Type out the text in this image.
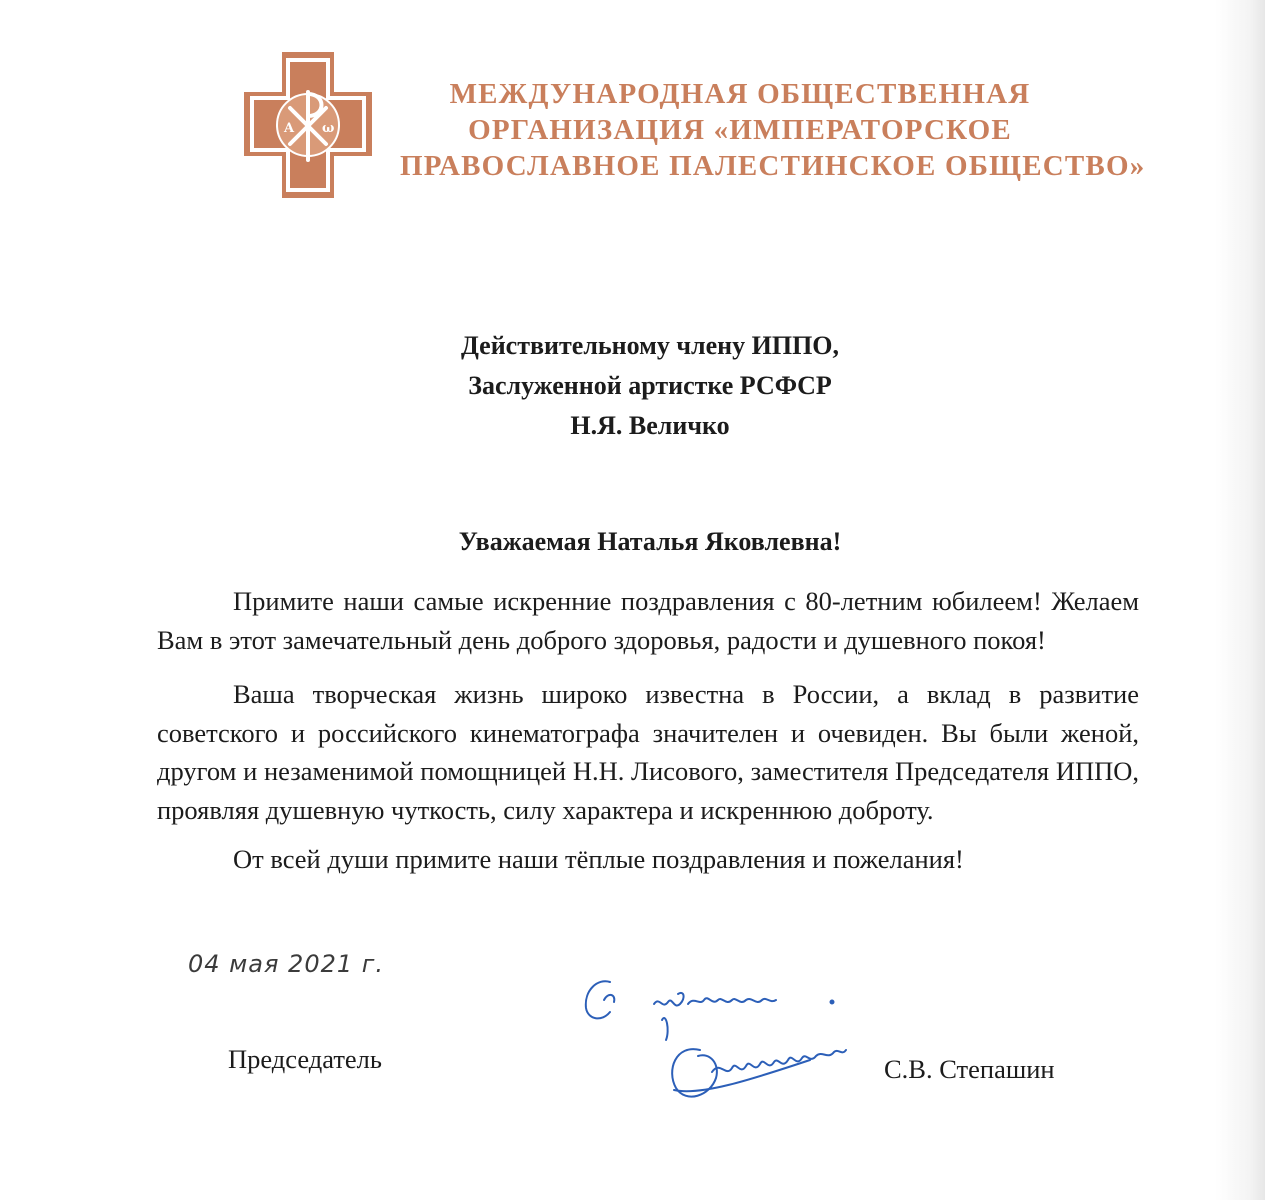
A ω
МЕЖДУНАРОДНАЯ ОБЩЕСТВЕННАЯ
ОРГАНИЗАЦИЯ «ИМПЕРАТОРСКОЕ
ПРАВОСЛАВНОЕ ПАЛЕСТИНСКОЕ ОБЩЕСТВО»
Действительному члену ИППО,
Заслуженной артистке РСФСР
Н.Я. Величко
Уважаемая Наталья Яковлевна!

Примите наши самые искренние поздравления с 80-летним юбилеем! Желаем Вам в этот замечательный день доброго здоровья, радости и душевного покоя!

Ваша творческая жизнь широко известна в России, а вклад в развитие советского и российского кинематографа значителен и очевиден. Вы были женой, другом и незаменимой помощницей Н.Н. Лисового, заместителя Председателя ИППО, проявляя душевную чуткость, силу характера и искреннюю доброту.

От всей души примите наши тёплые поздравления и пожелания!

04 мая 2021 г.
Председатель	С.В. Степашин
